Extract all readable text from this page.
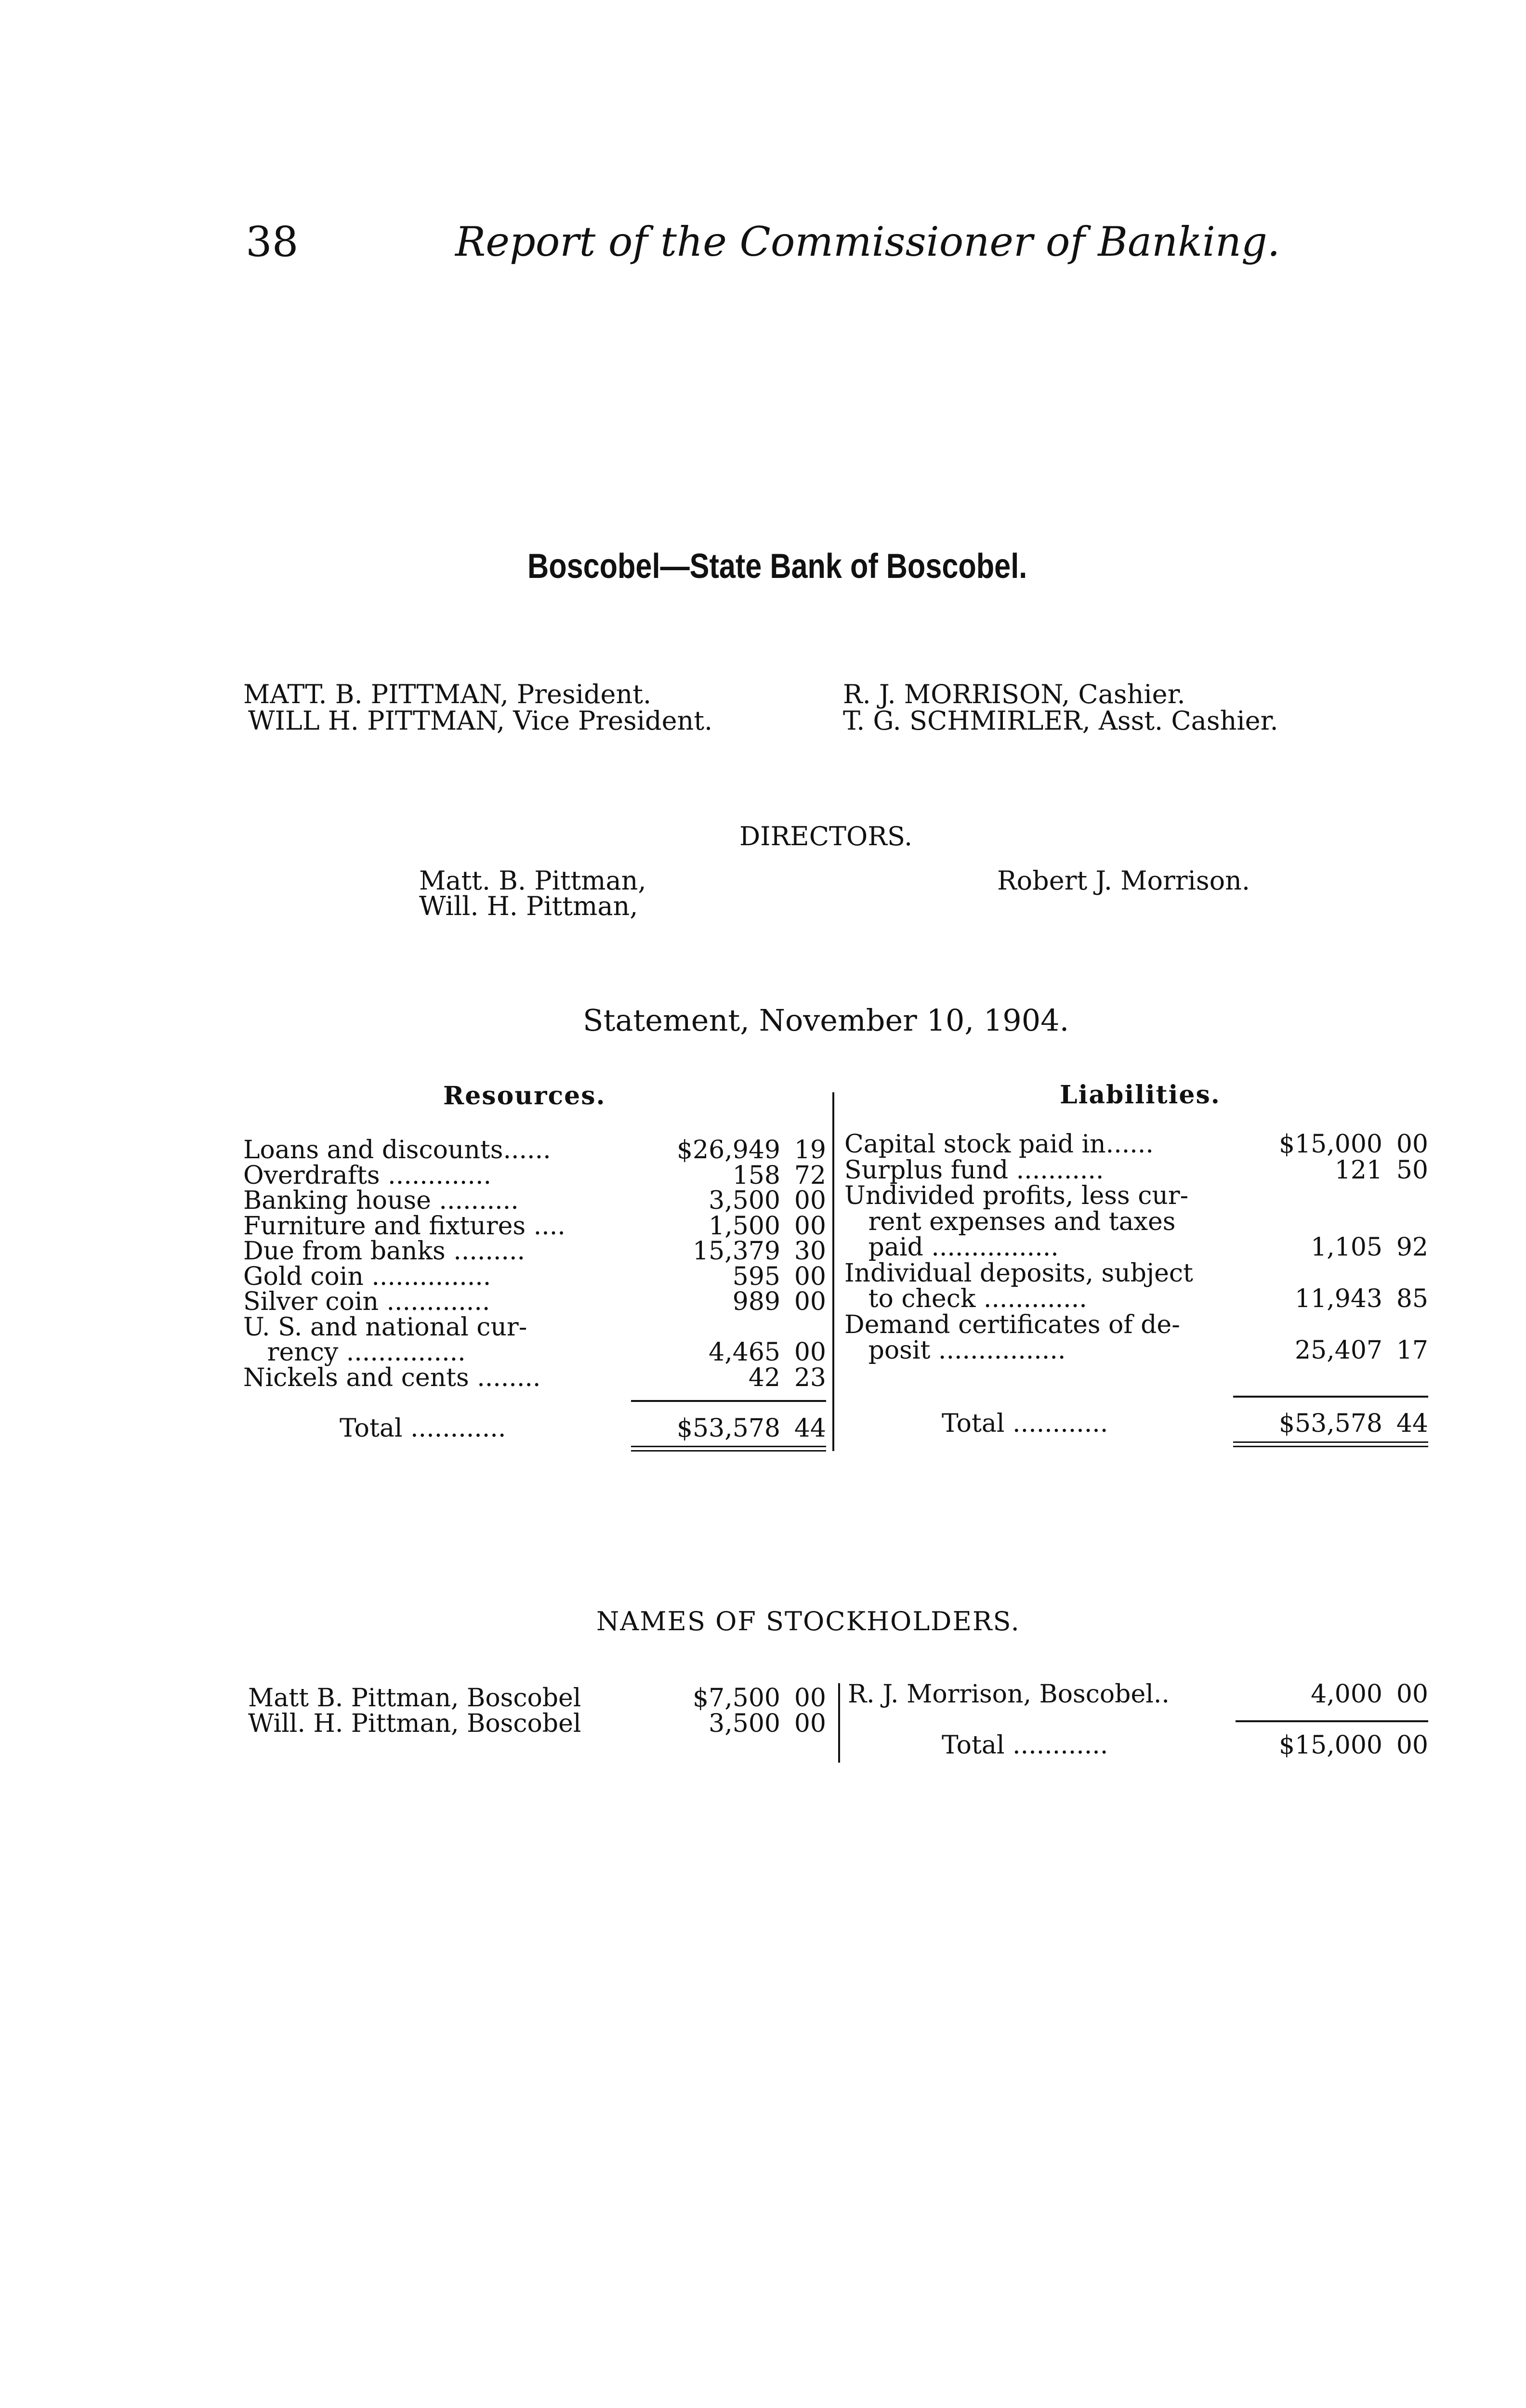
38	Report of the Commissioner of Banking.
Boscobel—State Bank of Boscobel.
MATT. B. PITTMAN, President.
WILL H. PITTMAN, Vice President.
R. J. MORRISON, Cashier.
T. G. SCHMIRLER, Asst. Cashier.
DIRECTORS.
Matt. B. Pittman,
Will. H. Pittman,
Robert J. Morrison.
Statement, November 10, 1904.
Resources.	Liabilities.
Loans and discounts......	$26,949 19
Overdrafts .............	158 72
Banking house ..........	3,500 00
Furniture and fixtures ....	1,500 00
Due from banks .........	15,379 30
Gold coin ...............	595 00
Silver coin .............	989 00
U. S. and national cur-
rency ...............	4,465 00
Nickels and cents ........	42 23
Capital stock paid in......	$15,000 00
Surplus fund ...........	121 50
Undivided profits, less cur-
rent expenses and taxes
paid ................	1,105 92
Individual deposits, subject
to check .............	11,943 85
Demand certificates of de-
posit ................	25,407 17
Total ............	$53,578 44	Total ............	$53,578 44
NAMES OF STOCKHOLDERS.
Matt B. Pittman, Boscobel	$7,500 00
Will. H. Pittman, Boscobel	3,500 00
R. J. Morrison, Boscobel..	4,000 00
Total ............	$15,000 00
